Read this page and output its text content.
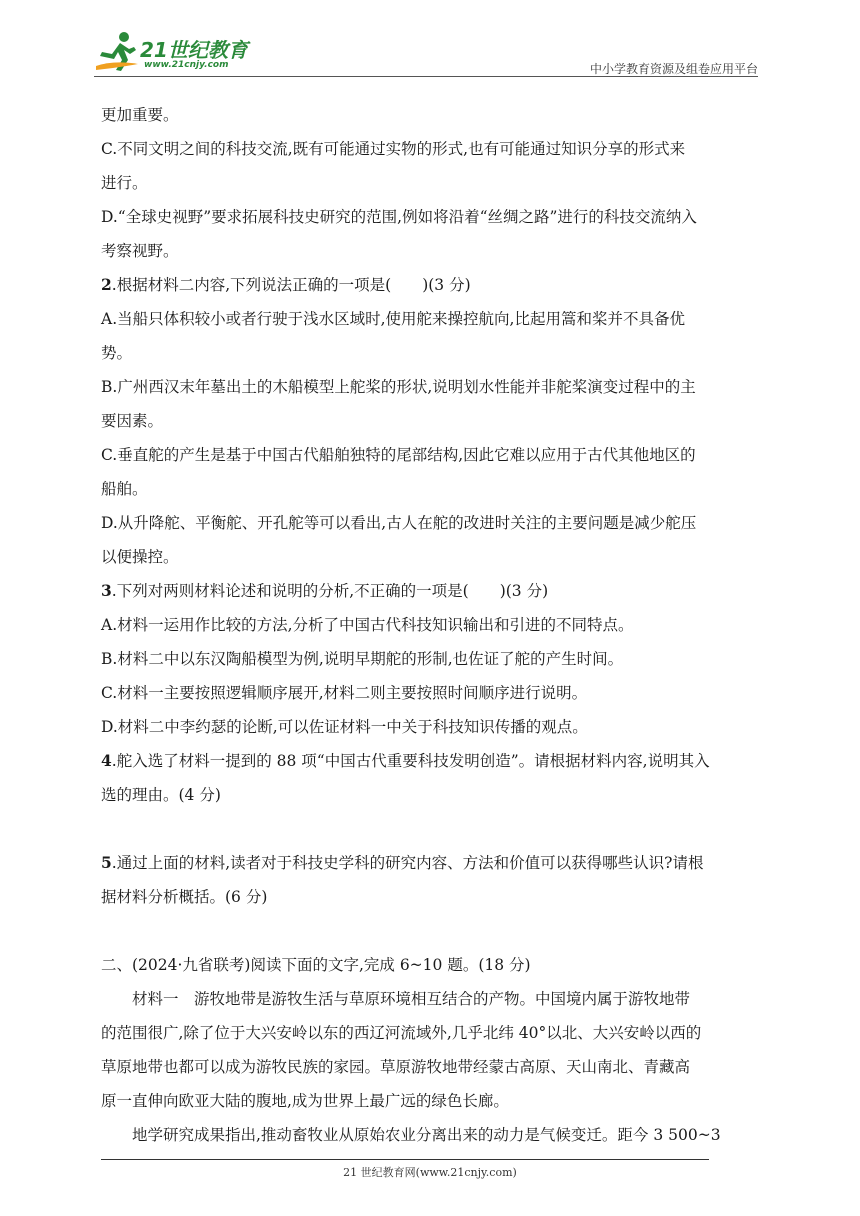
21世纪教育
www.21cnjy.com	中小学教育资源及组卷应用平台

更加重要。

C.不同文明之间的科技交流,既有可能通过实物的形式,也有可能通过知识分享的形式来

进行。

D.“全球史视野”要求拓展科技史研究的范围,例如将沿着“丝绸之路”进行的科技交流纳入

考察视野。

2.根据材料二内容,下列说法正确的一项是(　　)(3 分)

A.当船只体积较小或者行驶于浅水区域时,使用舵来操控航向,比起用篙和桨并不具备优

势。

B.广州西汉末年墓出土的木船模型上舵桨的形状,说明划水性能并非舵桨演变过程中的主

要因素。

C.垂直舵的产生是基于中国古代船舶独特的尾部结构,因此它难以应用于古代其他地区的

船舶。

D.从升降舵、平衡舵、开孔舵等可以看出,古人在舵的改进时关注的主要问题是减少舵压

以便操控。

3.下列对两则材料论述和说明的分析,不正确的一项是(　　)(3 分)

A.材料一运用作比较的方法,分析了中国古代科技知识输出和引进的不同特点。

B.材料二中以东汉陶船模型为例,说明早期舵的形制,也佐证了舵的产生时间。

C.材料一主要按照逻辑顺序展开,材料二则主要按照时间顺序进行说明。

D.材料二中李约瑟的论断,可以佐证材料一中关于科技知识传播的观点。

4.舵入选了材料一提到的 88 项“中国古代重要科技发明创造”。请根据材料内容,说明其入

选的理由。(4 分)

5.通过上面的材料,读者对于科技史学科的研究内容、方法和价值可以获得哪些认识?请根

据材料分析概括。(6 分)

二、(2024·九省联考)阅读下面的文字,完成 6~10 题。(18 分)

材料一　游牧地带是游牧生活与草原环境相互结合的产物。中国境内属于游牧地带

的范围很广,除了位于大兴安岭以东的西辽河流域外,几乎北纬 40°以北、大兴安岭以西的

草原地带也都可以成为游牧民族的家园。草原游牧地带经蒙古高原、天山南北、青藏高

原一直伸向欧亚大陆的腹地,成为世界上最广远的绿色长廊。

地学研究成果指出,推动畜牧业从原始农业分离出来的动力是气候变迁。距今 3 500~3

21 世纪教育网(www.21cnjy.com)
